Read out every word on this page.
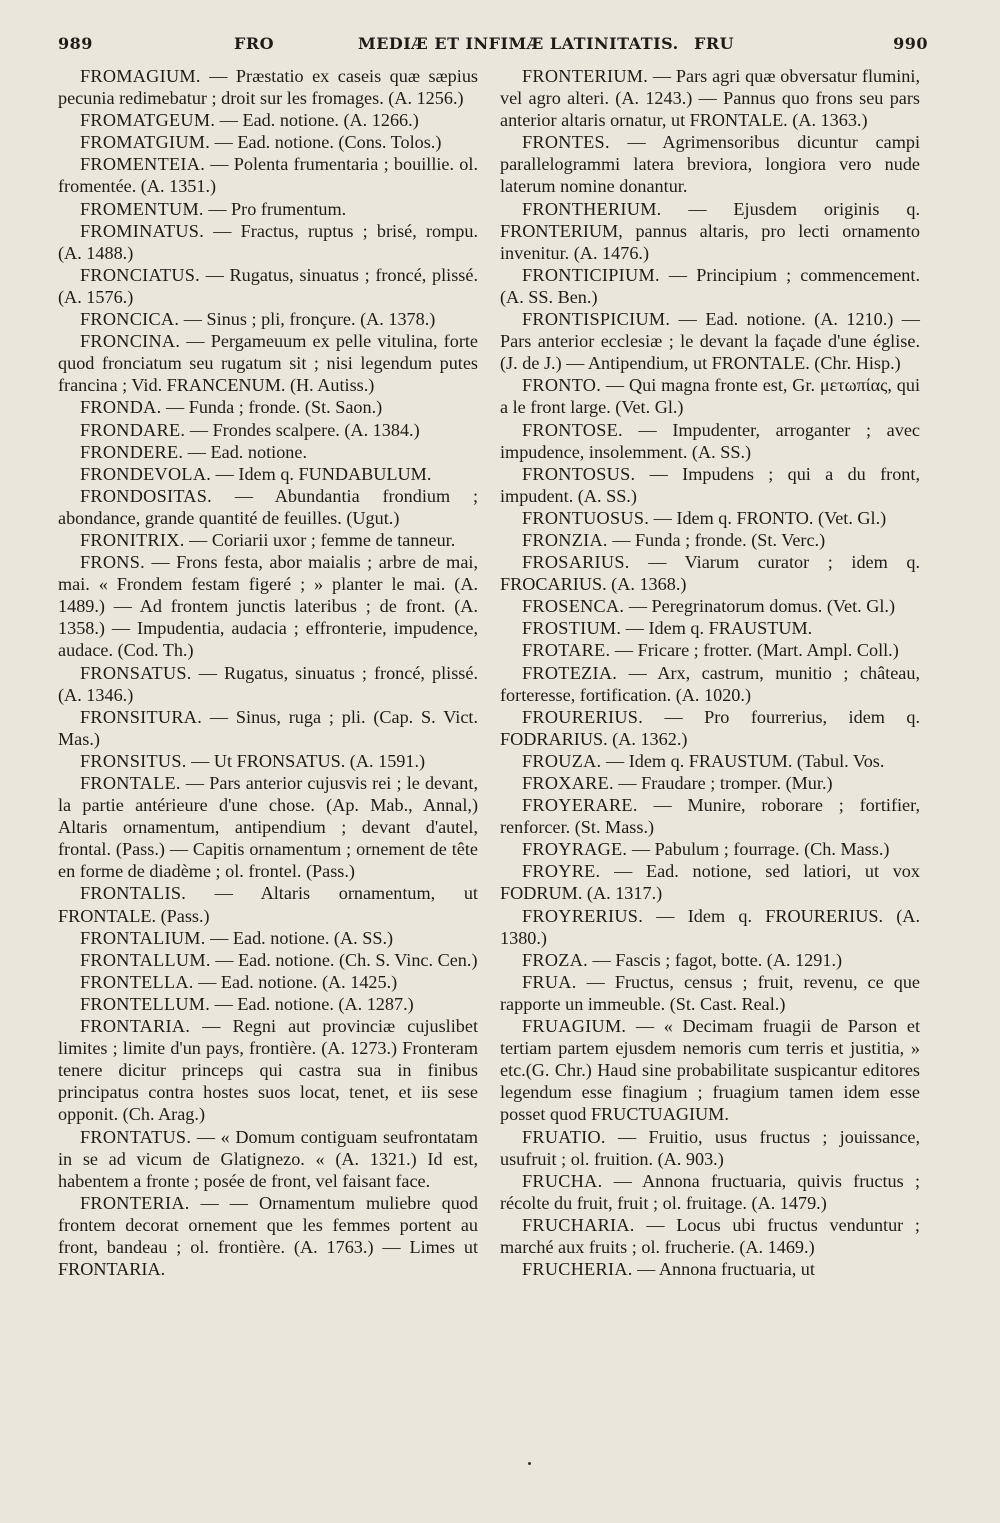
989	FRO	MEDIÆ ET INFIMÆ LATINITATIS. FRU	990

FROMAGIUM. — Præstatio ex caseis quæ sæpius pecunia redimebatur ; droit sur les fromages. (A. 1256.)

FROMATGEUM. — Ead. notione. (A. 1266.)

FROMATGIUM. — Ead. notione. (Cons. Tolos.)

FROMENTEIA. — Polenta frumentaria ; bouillie. ol. fromentée. (A. 1351.)

FROMENTUM. — Pro frumentum.

FROMINATUS. — Fractus, ruptus ; brisé, rompu. (A. 1488.)

FRONCIATUS. — Rugatus, sinuatus ; froncé, plissé. (A. 1576.)

FRONCICA. — Sinus ; pli, fronçure. (A. 1378.)

FRONCINA. — Pergameuum ex pelle vitulina, forte quod fronciatum seu rugatum sit ; nisi legendum putes francina ; Vid. FRANCENUM. (H. Autiss.)

FRONDA. — Funda ; fronde. (St. Saon.)

FRONDARE. — Frondes scalpere. (A. 1384.)

FRONDERE. — Ead. notione.

FRONDEVOLA. — Idem q. FUNDABULUM.

FRONDOSITAS. — Abundantia frondium ; abondance, grande quantité de feuilles. (Ugut.)

FRONITRIX. — Coriarii uxor ; femme de tanneur.

FRONS. — Frons festa, abor maialis ; arbre de mai, mai. « Frondem festam figeré ; » planter le mai. (A. 1489.) — Ad frontem junctis lateribus ; de front. (A. 1358.) — Impudentia, audacia ; effronterie, impudence, audace. (Cod. Th.)

FRONSATUS. — Rugatus, sinuatus ; froncé, plissé. (A. 1346.)

FRONSITURA. — Sinus, ruga ; pli. (Cap. S. Vict. Mas.)

FRONSITUS. — Ut FRONSATUS. (A. 1591.)

FRONTALE. — Pars anterior cujusvis rei ; le devant, la partie antérieure d'une chose. (Ap. Mab., Annal,) Altaris ornamentum, antipendium ; devant d'autel, frontal. (Pass.) — Capitis ornamentum ; ornement de tête en forme de diadème ; ol. frontel. (Pass.)

FRONTALIS. — Altaris ornamentum, ut FRONTALE. (Pass.)

FRONTALIUM. — Ead. notione. (A. SS.)

FRONTALLUM. — Ead. notione. (Ch. S. Vinc. Cen.)

FRONTELLA. — Ead. notione. (A. 1425.)

FRONTELLUM. — Ead. notione. (A. 1287.)

FRONTARIA. — Regni aut provinciæ cujuslibet limites ; limite d'un pays, frontière. (A. 1273.) Fronteram tenere dicitur princeps qui castra sua in finibus principatus contra hostes suos locat, tenet, et iis sese opponit. (Ch. Arag.)

FRONTATUS. — « Domum contiguam seufrontatam in se ad vicum de Glatignezo. « (A. 1321.) Id est, habentem a fronte ; posée de front, vel faisant face.

FRONTERIA. — — Ornamentum muliebre quod frontem decorat ornement que les femmes portent au front, bandeau ; ol. frontière. (A. 1763.) — Limes ut FRONTARIA.

FRONTERIUM. — Pars agri quæ obversatur flumini, vel agro alteri. (A. 1243.) — Pannus quo frons seu pars anterior altaris ornatur, ut FRONTALE. (A. 1363.)

FRONTES. — Agrimensoribus dicuntur campi parallelogrammi latera breviora, longiora vero nude laterum nomine donantur.

FRONTHERIUM. — Ejusdem originis q. FRONTERIUM, pannus altaris, pro lecti ornamento invenitur. (A. 1476.)

FRONTICIPIUM. — Principium ; commencement. (A. SS. Ben.)

FRONTISPICIUM. — Ead. notione. (A. 1210.) — Pars anterior ecclesiæ ; le devant la façade d'une église. (J. de J.) — Antipendium, ut FRONTALE. (Chr. Hisp.)

FRONTO. — Qui magna fronte est, Gr. μετωπίας, qui a le front large. (Vet. Gl.)

FRONTOSE. — Impudenter, arroganter ; avec impudence, insolemment. (A. SS.)

FRONTOSUS. — Impudens ; qui a du front, impudent. (A. SS.)

FRONTUOSUS. — Idem q. FRONTO. (Vet. Gl.)

FRONZIA. — Funda ; fronde. (St. Verc.)

FROSARIUS. — Viarum curator ; idem q. FROCARIUS. (A. 1368.)

FROSENCA. — Peregrinatorum domus. (Vet. Gl.)

FROSTIUM. — Idem q. FRAUSTUM.

FROTARE. — Fricare ; frotter. (Mart. Ampl. Coll.)

FROTEZIA. — Arx, castrum, munitio ; château, forteresse, fortification. (A. 1020.)

FROURERIUS. — Pro fourrerius, idem q. FODRARIUS. (A. 1362.)

FROUZA. — Idem q. FRAUSTUM. (Tabul. Vos.

FROXARE. — Fraudare ; tromper. (Mur.)

FROYERARE. — Munire, roborare ; fortifier, renforcer. (St. Mass.)

FROYRAGE. — Pabulum ; fourrage. (Ch. Mass.)

FROYRE. — Ead. notione, sed latiori, ut vox FODRUM. (A. 1317.)

FROYRERIUS. — Idem q. FROURERIUS. (A. 1380.)

FROZA. — Fascis ; fagot, botte. (A. 1291.)

FRUA. — Fructus, census ; fruit, revenu, ce que rapporte un immeuble. (St. Cast. Real.)

FRUAGIUM. — « Decimam fruagii de Parson et tertiam partem ejusdem nemoris cum terris et justitia, » etc.(G. Chr.) Haud sine probabilitate suspicantur editores legendum esse finagium ; fruagium tamen idem esse posset quod FRUCTUAGIUM.

FRUATIO. — Fruitio, usus fructus ; jouissance, usufruit ; ol. fruition. (A. 903.)

FRUCHA. — Annona fructuaria, quivis fructus ; récolte du fruit, fruit ; ol. fruitage. (A. 1479.)

FRUCHARIA. — Locus ubi fructus venduntur ; marché aux fruits ; ol. frucherie. (A. 1469.)

FRUCHERIA. — Annona fructuaria, ut
